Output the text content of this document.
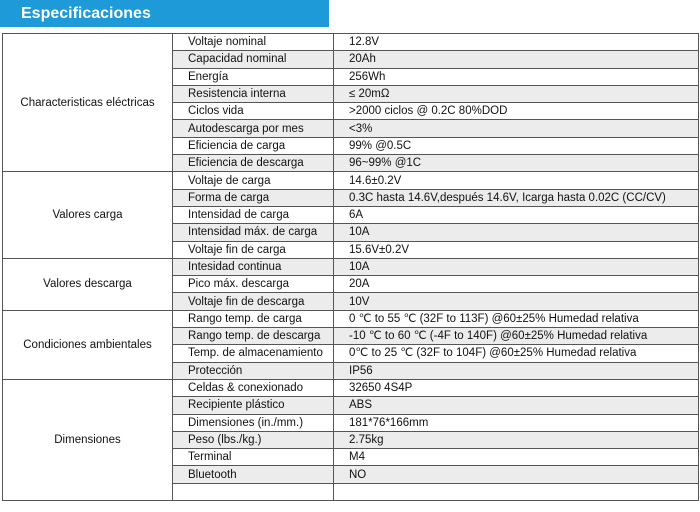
Especificaciones
Characteristicas eléctricas	Voltaje nominal	12.8V
	Capacidad nominal	20Ah
	Energía	256Wh
	Resistencia interna	≤ 20mΩ
	Ciclos vida	>2000 ciclos @ 0.2C 80%DOD
	Autodescarga por mes	<3%
	Eficiencia de carga	99% @0.5C
	Eficiencia de descarga	96~99% @1C
Valores carga	Voltaje de carga	14.6±0.2V
	Forma de carga	0.3C hasta 14.6V,después 14.6V, Icarga hasta 0.02C (CC/CV)
	Intensidad de carga	6A
	Intensidad máx. de carga	10A
	Voltaje fin de carga	15.6V±0.2V
Valores descarga	Intesidad continua	10A
	Pico máx. descarga	20A
	Voltaje fin de descarga	10V
Condiciones ambientales	Rango temp. de carga	0 ℃ to 55 ℃ (32F to 113F) @60±25% Humedad relativa
	Rango temp. de descarga	-10 ℃ to 60 ℃ (-4F to 140F) @60±25% Humedad relativa
	Temp. de almacenamiento	0℃ to 25 ℃ (32F to 104F) @60±25% Humedad relativa
	Protección	IP56
Dimensiones	Celdas & conexionado	32650 4S4P
	Recipiente plástico	ABS
	Dimensiones (in./mm.)	181*76*166mm
	Peso (lbs./kg.)	2.75kg
	Terminal	M4
	Bluetooth	NO
